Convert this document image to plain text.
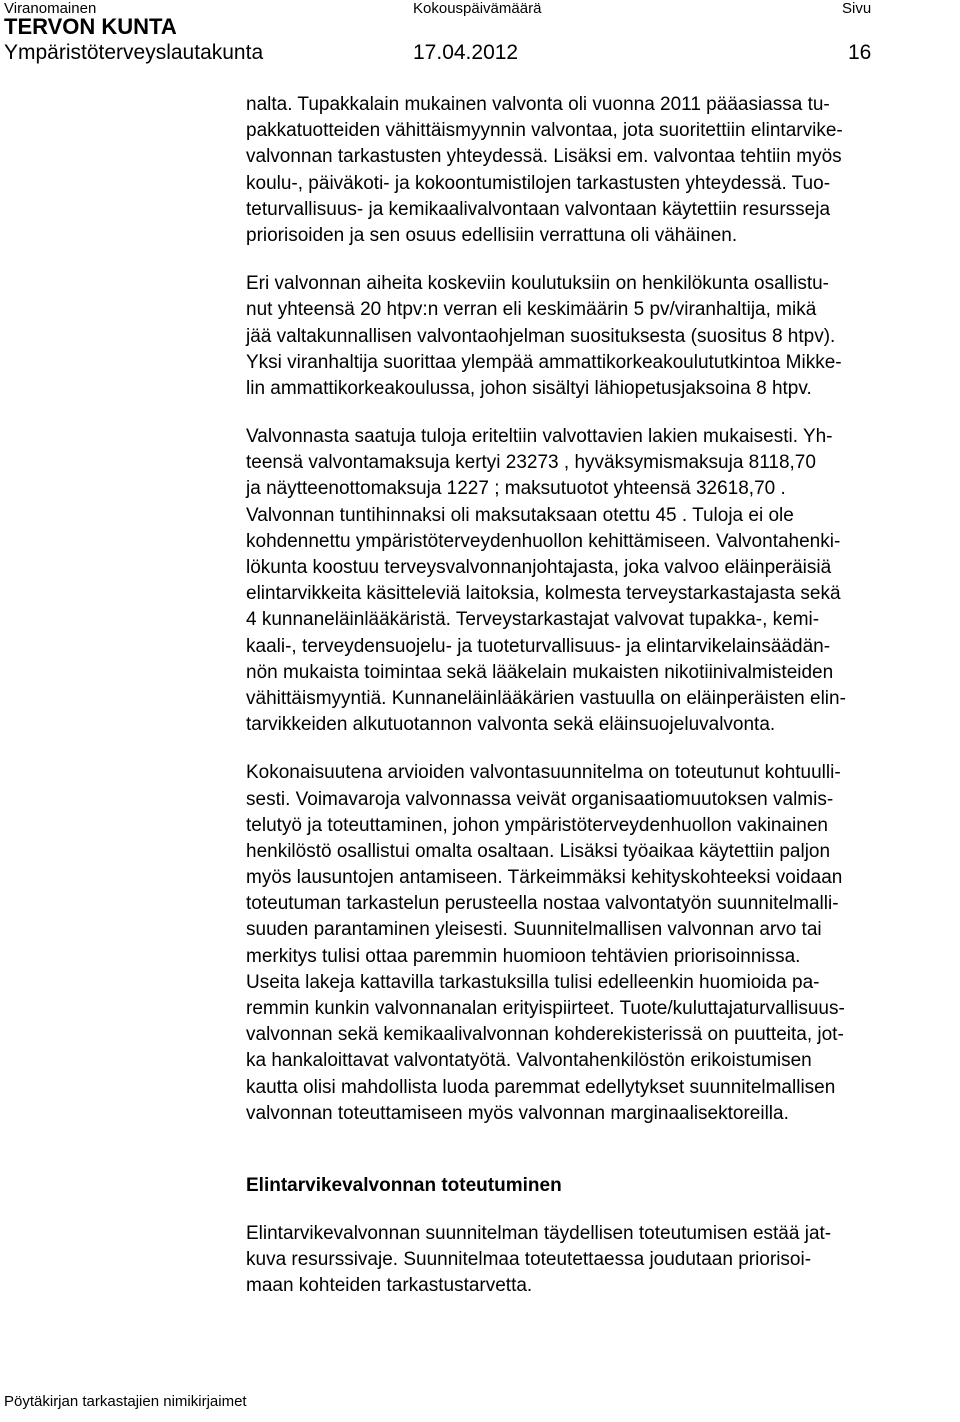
Viranomainen	Kokouspäivämäärä	Sivu
TERVON KUNTA
Ympäristöterveyslautakunta	17.04.2012	16
nalta. Tupakkalain mukainen valvonta oli vuonna 2011 pääasiassa tu-
pakkatuotteiden vähittäismyynnin valvontaa, jota suoritettiin elintarvike-
valvonnan tarkastusten yhteydessä. Lisäksi em. valvontaa tehtiin myös
koulu-, päiväkoti- ja kokoontumistilojen tarkastusten yhteydessä. Tuo-
teturvallisuus- ja kemikaalivalvontaan valvontaan käytettiin resursseja
priorisoiden ja sen osuus edellisiin verrattuna oli vähäinen.
Eri valvonnan aiheita koskeviin koulutuksiin on henkilökunta osallistu-
nut yhteensä 20 htpv:n verran eli keskimäärin 5 pv/viranhaltija, mikä
jää valtakunnallisen valvontaohjelman suosituksesta (suositus 8 htpv).
Yksi viranhaltija suorittaa ylempää ammattikorkeakoulututkintoa Mikke-
lin ammattikorkeakoulussa, johon sisältyi lähiopetusjaksoina 8 htpv.
Valvonnasta saatuja tuloja eriteltiin valvottavien lakien mukaisesti. Yh-
teensä valvontamaksuja kertyi 23273 , hyväksymismaksuja 8118,70
ja näytteenottomaksuja 1227 ; maksutuotot yhteensä 32618,70 .
Valvonnan tuntihinnaksi oli maksutaksaan otettu 45 . Tuloja ei ole
kohdennettu ympäristöterveydenhuollon kehittämiseen. Valvontahenki-
lökunta koostuu terveysvalvonnanjohtajasta, joka valvoo eläinperäisiä
elintarvikkeita käsitteleviä laitoksia, kolmesta terveystarkastajasta sekä
4 kunnaneläinlääkäristä. Terveystarkastajat valvovat tupakka-, kemi-
kaali-, terveydensuojelu- ja tuoteturvallisuus- ja elintarvikelainsäädän-
nön mukaista toimintaa sekä lääkelain mukaisten nikotiinivalmisteiden
vähittäismyyntiä. Kunnaneläinlääkärien vastuulla on eläinperäisten elin-
tarvikkeiden alkutuotannon valvonta sekä eläinsuojeluvalvonta.
Kokonaisuutena arvioiden valvontasuunnitelma on toteutunut kohtuulli-
sesti. Voimavaroja valvonnassa veivät organisaatiomuutoksen valmis-
telutyö ja toteuttaminen, johon ympäristöterveydenhuollon vakinainen
henkilöstö osallistui omalta osaltaan. Lisäksi työaikaa käytettiin paljon
myös lausuntojen antamiseen. Tärkeimmäksi kehityskohteeksi voidaan
toteutuman tarkastelun perusteella nostaa valvontatyön suunnitelmalli-
suuden parantaminen yleisesti. Suunnitelmallisen valvonnan arvo tai
merkitys tulisi ottaa paremmin huomioon tehtävien priorisoinnissa.
Useita lakeja kattavilla tarkastuksilla tulisi edelleenkin huomioida pa-
remmin kunkin valvonnanalan erityispiirteet. Tuote/kuluttajaturvallisuus-
valvonnan sekä kemikaalivalvonnan kohderekisterissä on puutteita, jot-
ka hankaloittavat valvontatyötä. Valvontahenkilöstön erikoistumisen
kautta olisi mahdollista luoda paremmat edellytykset suunnitelmallisen
valvonnan toteuttamiseen myös valvonnan marginaalisektoreilla.
Elintarvikevalvonnan toteutuminen
Elintarvikevalvonnan suunnitelman täydellisen toteutumisen estää jat-
kuva resurssivaje. Suunnitelmaa toteutettaessa joudutaan priorisoi-
maan kohteiden tarkastustarvetta.
Pöytäkirjan tarkastajien nimikirjaimet
